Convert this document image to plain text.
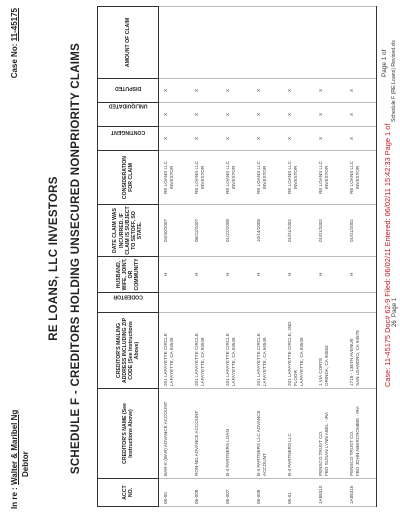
In re : Walter & Maribel Ng Debtor
Case No: 11-45175
RE LOANS, LLC INVESTORS SCHEDULE F - CREDITORS HOLDING UNSECURED NONPRIORITY CLAIMS
ACCT NO.	CREDITOR'S NAME (See Instructions Above)	CREDITOR'S MAILING ADDRESS INCLUDING ZIP CODE (See Instructions Above)	CODEBTOR	HUSBAND, WIFE, JOINT, OR COMMUNITY	DATE CLAIM WAS INCURRED. IF CLAIM IS SUBJECT TO SETOFF, SO STATE.	CONSIDERATION FOR CLAIM	CONTINGENT	UNLIQUIDATED	DISPUTED	AMOUNT OF CLAIM
06-00	BAR-K (BAR) ADVANCE ACCOUNT	201 LAFAYETTE CIRCLE LAFAYETTE, CA 94549		H	04/30/2007	RE LOANS LLC INVESTOR	X	X	X	
06-008	RON-NG ADVANCE ACCOUNT	201 LAFAYETTE CIRCLE LAFAYETTE, CA 94549		H	06/22/2007	RE LOANS LLC INVESTOR	X	X	X	
06-007	B-4 PARTNERS LOAN	201 LAFAYETTE CIRCLE LAFAYETTE, CA 94549		H	01/22/2008	RE LOANS LLC INVESTOR	X	X	X	
06-008	B-4 PARTNERS LLC ADVANCE ACCOUNT	201 LAFAYETTE CIRCLE LAFAYETTE, CA 94549		H	10/14/2008	RE LOANS LLC INVESTOR	X	X	X	
06-01	B-4 PARTNERS LLC	201 LAFAYETTE CIRCLE, 2ND FLOOR LAFAYETTE, CA 94549		H	01/01/2002	RE LOANS LLC INVESTOR	X	X	X	
1A88310	PENSCO TRUST CO. FBO SUSAN LYNN ABEL - IRA	1 VIA CORTE ORINDA, CA 94563		H	01/01/2002	RE LOANS LLC INVESTOR	X	X	X	
1A88315	PENSCO TRUST CO. FBO JOHN ABERCROMBIE - IRA	1718 - 136TH AVENUE SAN LEANDRO, CA 94578		H	01/01/2002	RE LOANS LLC INVESTOR	X	X	X	
Case: 11-45175 Doc# 62-9 Filed: 06/02/11 Entered: 06/02/11 15:42:33 Page 1 of
Page 1 of
26  Page 1
Schedule F (RE Loans) Revised.xls
